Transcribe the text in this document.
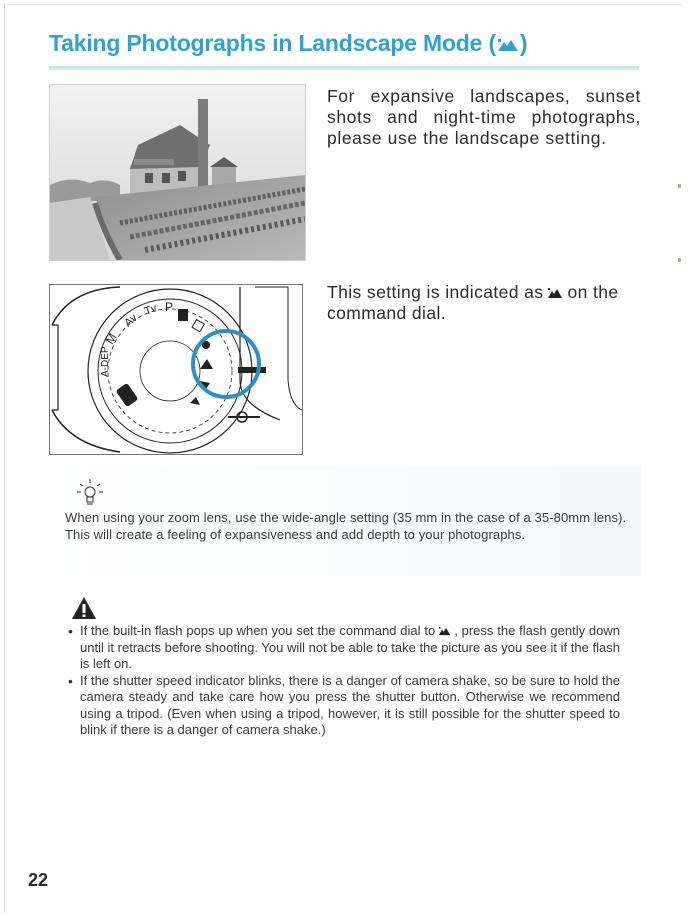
Taking Photographs in Landscape Mode ( )
For expansive landscapes, sunset shots and night-time photographs, please use the landscape setting.
A-DEP
M
Av
Tv P
This setting is indicated as on the command dial.
When using your zoom lens, use the wide-angle setting (35 mm in the case of a 35-80mm lens). This will create a feeling of expansiveness and add depth to your photographs.
• If the built-in flash pops up when you set the command dial to , press the flash gently down until it retracts before shooting. You will not be able to take the picture as you see it if the flash is left on.
• If the shutter speed indicator blinks, there is a danger of camera shake, so be sure to hold the camera steady and take care how you press the shutter button. Otherwise we recommend using a tripod. (Even when using a tripod, however, it is still possible for the shutter speed to blink if there is a danger of camera shake.)
22
